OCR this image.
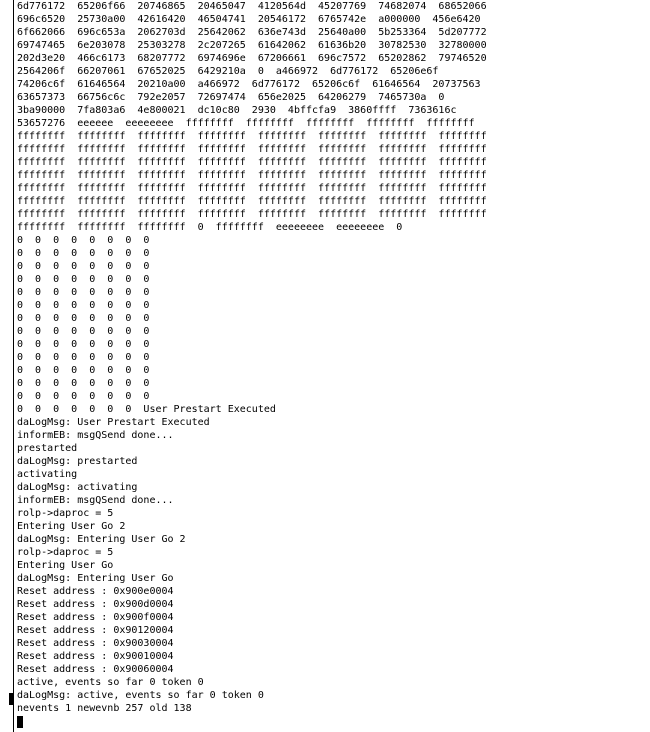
6d776172  65206f66  20746865  20465047  4120564d  45207769  74682074  68652066
696c6520  25730a00  42616420  46504741  20546172  6765742e  a000000  456e6420
6f662066  696c653a  2062703d  25642062  636e743d  25640a00  5b253364  5d207772
69747465  6e203078  25303278  2c207265  61642062  61636b20  30782530  32780000
202d3e20  466c6173  68207772  6974696e  67206661  696c7572  65202862  79746520
2564206f  66207061  67652025  6429210a  0  a466972  6d776172  65206e6f
74206c6f  61646564  20210a00  a466972  6d776172  65206c6f  61646564  20737563
63657373  66756c6c  792e2057  72697474  656e2025  64206279  7465730a  0
3ba90000  7fa803a6  4e800021  dc10c80  2930  4bffcfa9  3860ffff  7363616c
53657276  eeeeee  eeeeeeee  ffffffff  ffffffff  ffffffff  ffffffff  ffffffff
ffffffff  ffffffff  ffffffff  ffffffff  ffffffff  ffffffff  ffffffff  ffffffff
ffffffff  ffffffff  ffffffff  ffffffff  ffffffff  ffffffff  ffffffff  ffffffff
ffffffff  ffffffff  ffffffff  ffffffff  ffffffff  ffffffff  ffffffff  ffffffff
ffffffff  ffffffff  ffffffff  ffffffff  ffffffff  ffffffff  ffffffff  ffffffff
ffffffff  ffffffff  ffffffff  ffffffff  ffffffff  ffffffff  ffffffff  ffffffff
ffffffff  ffffffff  ffffffff  ffffffff  ffffffff  ffffffff  ffffffff  ffffffff
ffffffff  ffffffff  ffffffff  ffffffff  ffffffff  ffffffff  ffffffff  ffffffff
ffffffff  ffffffff  ffffffff  0  ffffffff  eeeeeeee  eeeeeeee  0
0  0  0  0  0  0  0  0
0  0  0  0  0  0  0  0
0  0  0  0  0  0  0  0
0  0  0  0  0  0  0  0
0  0  0  0  0  0  0  0
0  0  0  0  0  0  0  0
0  0  0  0  0  0  0  0
0  0  0  0  0  0  0  0
0  0  0  0  0  0  0  0
0  0  0  0  0  0  0  0
0  0  0  0  0  0  0  0
0  0  0  0  0  0  0  0
0  0  0  0  0  0  0  0
0  0  0  0  0  0  0  User Prestart Executed
daLogMsg: User Prestart Executed
informEB: msgQSend done...
prestarted
daLogMsg: prestarted
activating
daLogMsg: activating
informEB: msgQSend done...
rolp->daproc = 5
Entering User Go 2
daLogMsg: Entering User Go 2
rolp->daproc = 5
Entering User Go
daLogMsg: Entering User Go
Reset address : 0x900e0004
Reset address : 0x900d0004
Reset address : 0x900f0004
Reset address : 0x90120004
Reset address : 0x90030004
Reset address : 0x90010004
Reset address : 0x90060004
active, events so far 0 token 0
daLogMsg: active, events so far 0 token 0
nevents 1 newevnb 257 old 138
